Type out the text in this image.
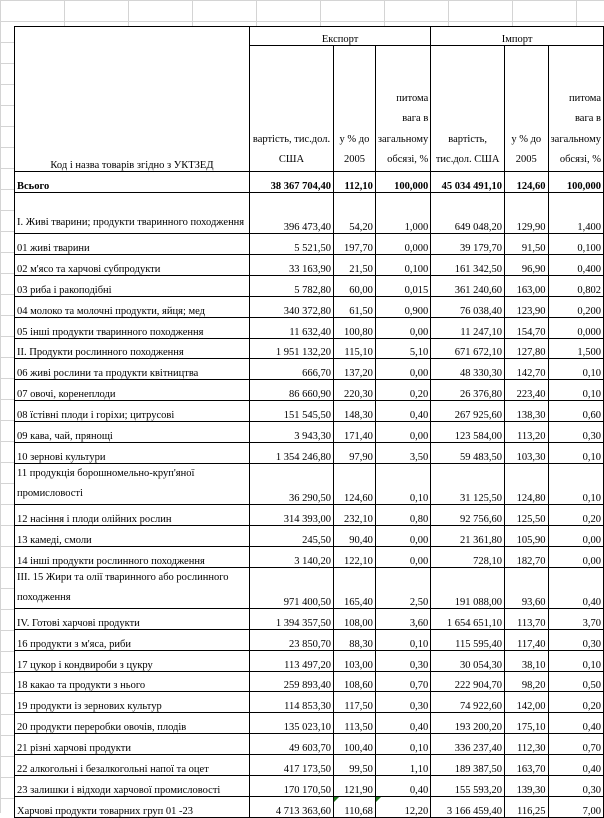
Код і назва товарів згідно з УКТЗЕД	Експорт			Імпорт		
	вартість, тис.дол. США	у % до 2005	питома вага в загальному обсязі, %	вартість, тис.дол. США	у % до 2005	питома вага в загальному обсязі, %
Всього	38 367 704,40	112,10	100,000	45 034 491,10	124,60	100,000
I. Живі тварини; продукти тваринного походження	396 473,40	54,20	1,000	649 048,20	129,90	1,400
01 живі тварини	5 521,50	197,70	0,000	39 179,70	91,50	0,100
02 м'ясо та харчові субпродукти	33 163,90	21,50	0,100	161 342,50	96,90	0,400
03 риба і ракоподібні	5 782,80	60,00	0,015	361 240,60	163,00	0,802
04 молоко та молочні продукти, яйця; мед	340 372,80	61,50	0,900	76 038,40	123,90	0,200
05 інші продукти тваринного походження	11 632,40	100,80	0,00	11 247,10	154,70	0,000
II. Продукти рослинного походження	1 951 132,20	115,10	5,10	671 672,10	127,80	1,500
06 живі рослини та продукти квітництва	666,70	137,20	0,00	48 330,30	142,70	0,10
07 овочі, коренеплоди	86 660,90	220,30	0,20	26 376,80	223,40	0,10
08 їстівні плоди і горіхи; цитрусові	151 545,50	148,30	0,40	267 925,60	138,30	0,60
09 кава, чай, прянощі	3 943,30	171,40	0,00	123 584,00	113,20	0,30
10 зернові культури	1 354 246,80	97,90	3,50	59 483,50	103,30	0,10
11 продукція борошномельно-круп'яної промисловості	36 290,50	124,60	0,10	31 125,50	124,80	0,10
12 насіння і плоди олійних рослин	314 393,00	232,10	0,80	92 756,60	125,50	0,20
13 камеді, смоли	245,50	90,40	0,00	21 361,80	105,90	0,00
14 інші продукти рослинного походження	3 140,20	122,10	0,00	728,10	182,70	0,00
III. 15 Жири та олії тваринного або рослинного походження	971 400,50	165,40	2,50	191 088,00	93,60	0,40
IV. Готові харчові продукти	1 394 357,50	108,00	3,60	1 654 651,10	113,70	3,70
16 продукти з м'яса, риби	23 850,70	88,30	0,10	115 595,40	117,40	0,30
17 цукор і кондвироби з цукру	113 497,20	103,00	0,30	30 054,30	38,10	0,10
18 какао та продукти з нього	259 893,40	108,60	0,70	222 904,70	98,20	0,50
19 продукти із зернових культур	114 853,30	117,50	0,30	74 922,60	142,00	0,20
20 продукти переробки овочів, плодів	135 023,10	113,50	0,40	193 200,20	175,10	0,40
21 різні харчові продукти	49 603,70	100,40	0,10	336 237,40	112,30	0,70
22 алкогольні і безалкогольні напої та оцет	417 173,50	99,50	1,10	189 387,50	163,70	0,40
23 залишки і відходи харчової промисловості	170 170,50	121,90	0,40	155 593,20	139,30	0,30
Харчові продукти товарних груп 01 -23	4 713 363,60	110,68	12,20	3 166 459,40	116,25	7,00
